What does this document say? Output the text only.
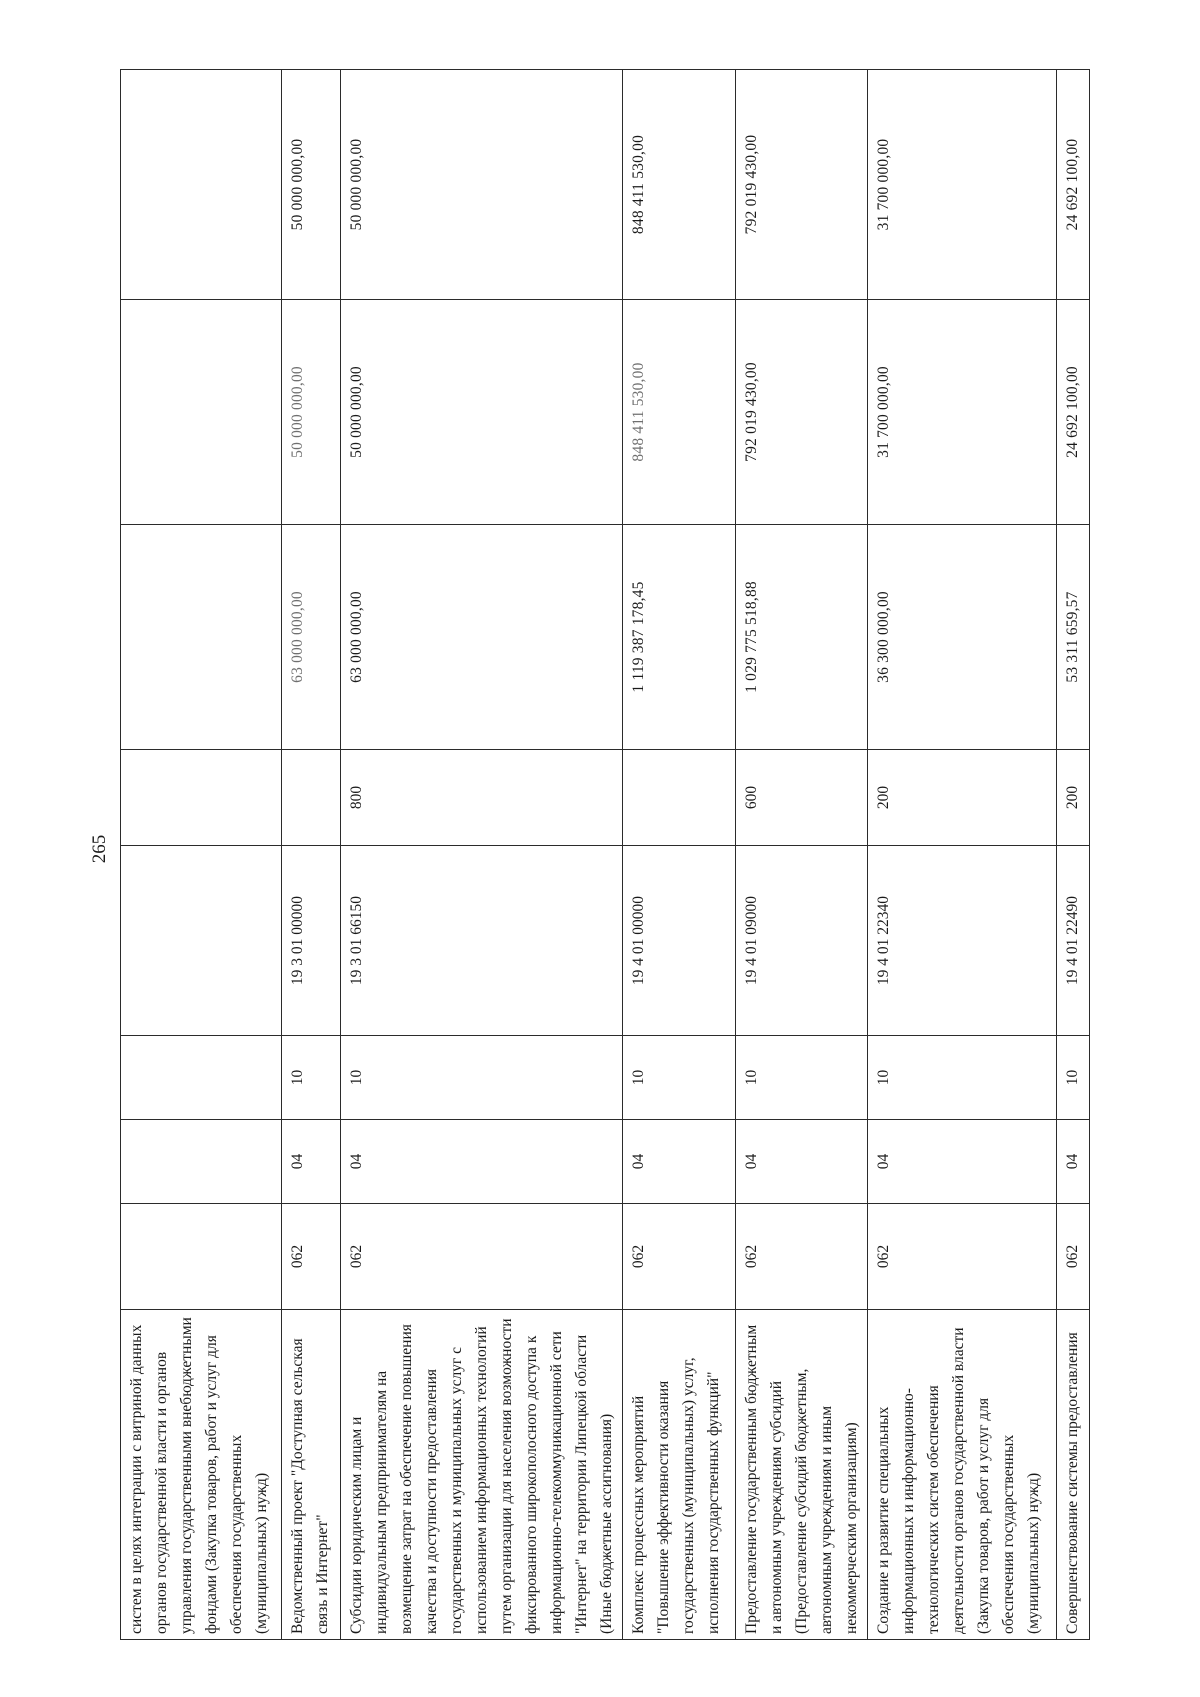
265
систем в целях интеграции с витриной данных органов государственной власти и органов управления государственными внебюджетными фондами (Закупка товаров, работ и услуг для обеспечения государственных (муниципальных) нужд)								
Ведомственный проект "Доступная сельская связь и Интернет"	062	04	10	19 3 01 00000		63 000 000,00	50 000 000,00	50 000 000,00
Субсидии юридическим лицам и индивидуальным предпринимателям на возмещение затрат на обеспечение повышения качества и доступности предоставления государственных и муниципальных услуг с использованием информационных технологий путем организации для населения возможности фиксированного широкополосного доступа к информационно-телекоммуникационной сети "Интернет" на территории Липецкой области (Иные бюджетные ассигнования)	062	04	10	19 3 01 66150	800	63 000 000,00	50 000 000,00	50 000 000,00
Комплекс процессных мероприятий "Повышение эффективности оказания государственных (муниципальных) услуг, исполнения государственных функций"	062	04	10	19 4 01 00000		1 119 387 178,45	848 411 530,00	848 411 530,00
Предоставление государственным бюджетным и автономным учреждениям субсидий (Предоставление субсидий бюджетным, автономным учреждениям и иным некоммерческим организациям)	062	04	10	19 4 01 09000	600	1 029 775 518,88	792 019 430,00	792 019 430,00
Создание и развитие специальных информационных и информационно-технологических систем обеспечения деятельности органов государственной власти (Закупка товаров, работ и услуг для обеспечения государственных (муниципальных) нужд)	062	04	10	19 4 01 22340	200	36 300 000,00	31 700 000,00	31 700 000,00
Совершенствование системы предоставления	062	04	10	19 4 01 22490	200	53 311 659,57	24 692 100,00	24 692 100,00
